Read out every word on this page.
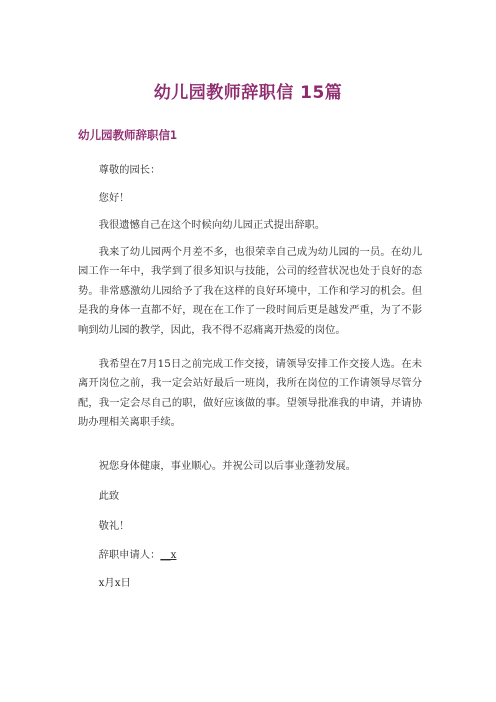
幼儿园教师辞职信 15篇
幼儿园教师辞职信1

尊敬的园长：

您好！

我很遗憾自己在这个时候向幼儿园正式提出辞职。

我来了幼儿园两个月差不多，也很荣幸自己成为幼儿园的一员。在幼儿园工作一年中，我学到了很多知识与技能，公司的经营状况也处于良好的态势。非常感激幼儿园给予了我在这样的良好环境中，工作和学习的机会。但是我的身体一直都不好，现在在工作了一段时间后更是越发严重，为了不影响到幼儿园的教学，因此，我不得不忍痛离开热爱的岗位。

我希望在7月15日之前完成工作交接，请领导安排工作交接人选。在未离开岗位之前，我一定会站好最后一班岗，我所在岗位的工作请领导尽管分配，我一定会尽自己的职，做好应该做的事。望领导批准我的申请，并请协助办理相关离职手续。

祝您身体健康，事业顺心。并祝公司以后事业蓬勃发展。

此致

敬礼！

辞职申请人：__x

x月x日
